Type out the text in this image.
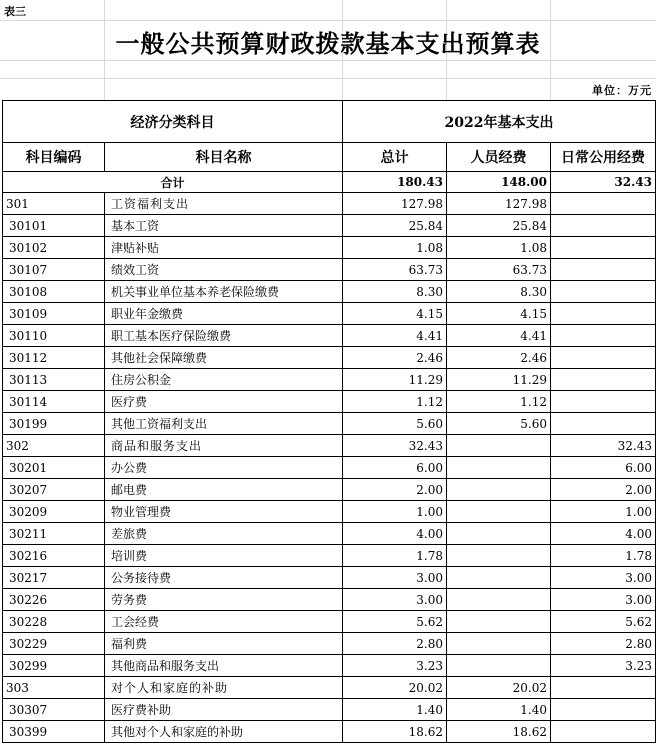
表三
一般公共预算财政拨款基本支出预算表
单位：万元
经济分类科目		2022年基本支出		
科目编码	科目名称	总计	人员经费	日常公用经费
合计		180.43	148.00	32.43
301	工资福利支出	127.98	127.98	
30101	基本工资	25.84	25.84	
30102	津贴补贴	1.08	1.08	
30107	绩效工资	63.73	63.73	
30108	机关事业单位基本养老保险缴费	8.30	8.30	
30109	职业年金缴费	4.15	4.15	
30110	职工基本医疗保险缴费	4.41	4.41	
30112	其他社会保障缴费	2.46	2.46	
30113	住房公积金	11.29	11.29	
30114	医疗费	1.12	1.12	
30199	其他工资福利支出	5.60	5.60	
302	商品和服务支出	32.43		32.43
30201	办公费	6.00		6.00
30207	邮电费	2.00		2.00
30209	物业管理费	1.00		1.00
30211	差旅费	4.00		4.00
30216	培训费	1.78		1.78
30217	公务接待费	3.00		3.00
30226	劳务费	3.00		3.00
30228	工会经费	5.62		5.62
30229	福利费	2.80		2.80
30299	其他商品和服务支出	3.23		3.23
303	对个人和家庭的补助	20.02	20.02	
30307	医疗费补助	1.40	1.40	
30399	其他对个人和家庭的补助	18.62	18.62	
